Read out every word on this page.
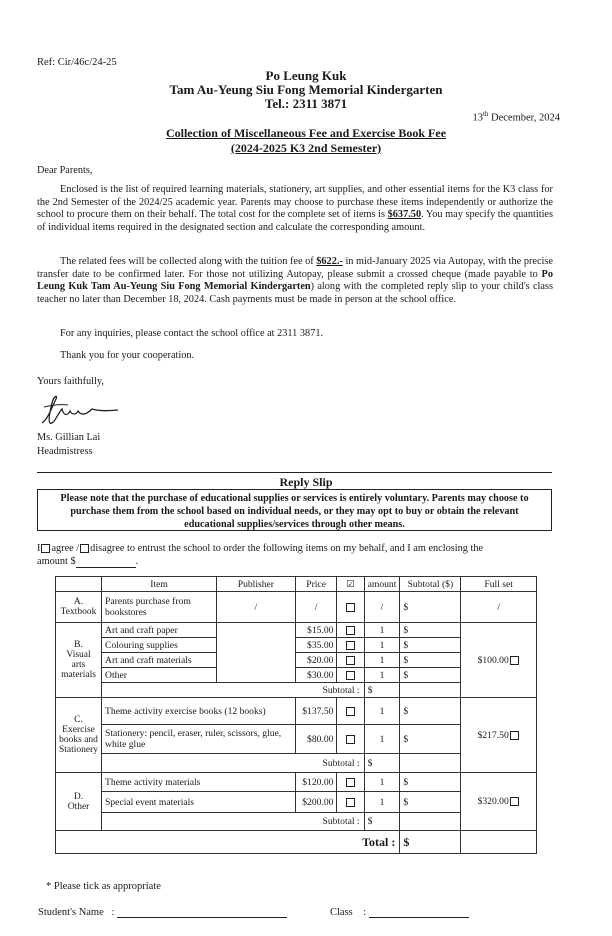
Ref: Cir/46c/24-25
Po Leung Kuk
Tam Au-Yeung Siu Fong Memorial Kindergarten
Tel.: 2311 3871
13th December, 2024
Collection of Miscellaneous Fee and Exercise Book Fee
(2024-2025 K3 2nd Semester)
Dear Parents,
Enclosed is the list of required learning materials, stationery, art supplies, and other essential items for the K3 class for the 2nd Semester of the 2024/25 academic year. Parents may choose to purchase these items independently or authorize the school to procure them on their behalf. The total cost for the complete set of items is $637.50. You may specify the quantities of individual items required in the designated section and calculate the corresponding amount.
The related fees will be collected along with the tuition fee of $622.- in mid-January 2025 via Autopay, with the precise transfer date to be confirmed later. For those not utilizing Autopay, please submit a crossed cheque (made payable to Po Leung Kuk Tam Au-Yeung Siu Fong Memorial Kindergarten) along with the completed reply slip to your child's class teacher no later than December 18, 2024. Cash payments must be made in person at the school office.
For any inquiries, please contact the school office at 2311 3871.
Thank you for your cooperation.
Yours faithfully,
Ms. Gillian Lai
Headmistress
Reply Slip
Please note that the purchase of educational supplies or services is entirely voluntary. Parents may choose to purchase them from the school based on individual needs, or they may opt to buy or obtain the relevant educational supplies/services through other means.
I agree / disagree to entrust the school to order the following items on my behalf, and I am enclosing the
amount $	.
	Item	Publisher	Price	☑	amount	Subtotal ($)	Full set
A.
Textbook	Parents purchase from bookstores	/	/		/	$	/
B.
Visual arts materials	Art and craft paper		$15.00		1	$	$100.00
	Colouring supplies		$35.00		1	$	
	Art and craft materials		$20.00		1	$	
	Other		$30.00		1	$	
	Subtotal :				$		
C.
Exercise books and Stationery	Theme activity exercise books (12 books)		$137.50		1	$	$217.50
	Stationery: pencil, eraser, ruler, scissors, glue, white glue		$80.00		1	$	
	Subtotal :				$		
D.
Other	Theme activity materials		$120.00		1	$	$320.00
	Special event materials		$200.00		1	$	
	Subtotal :				$		
Total :						$	
* Please tick as appropriate
Student's Name :	Class :
